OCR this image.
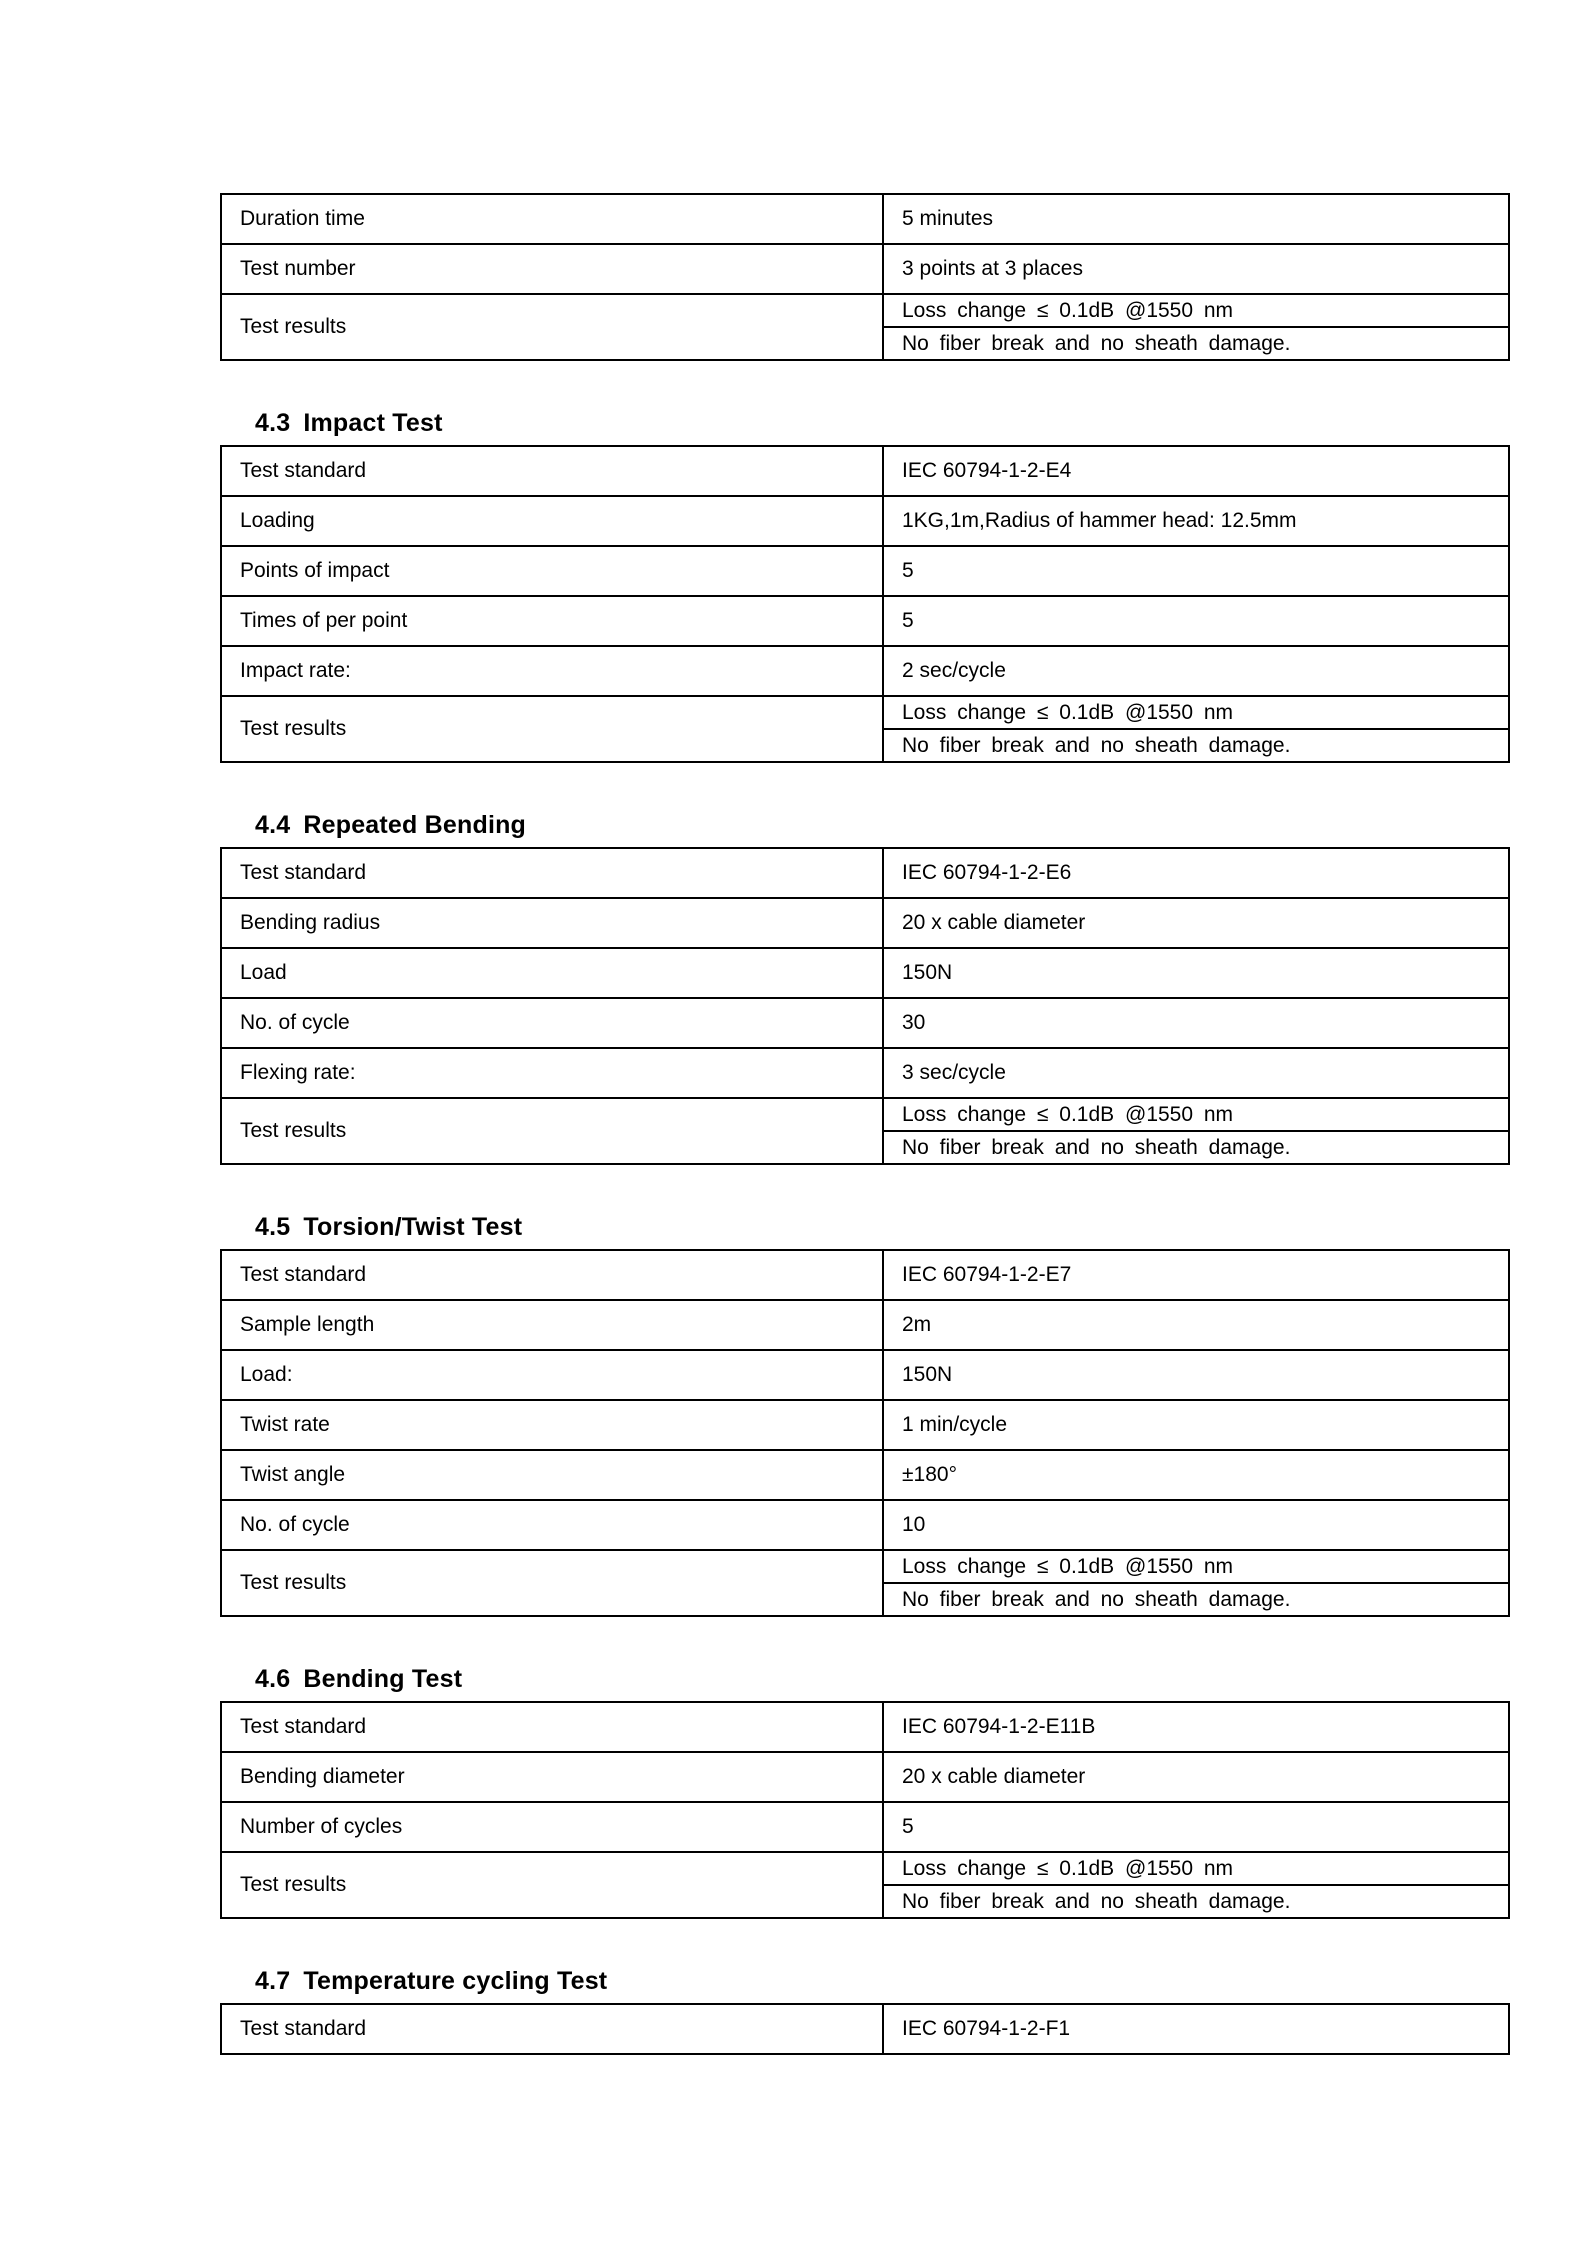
Duration time	5 minutes
Test number	3 points at 3 places
Test results	Loss change ≤ 0.1dB @1550 nm
	No fiber break and no sheath damage.
4.3 Impact Test
Test standard	IEC 60794-1-2-E4
Loading	1KG,1m,Radius of hammer head: 12.5mm
Points of impact	5
Times of per point	5
Impact rate:	2 sec/cycle
Test results	Loss change ≤ 0.1dB @1550 nm
	No fiber break and no sheath damage.
4.4 Repeated Bending
Test standard	IEC 60794-1-2-E6
Bending radius	20 x cable diameter
Load	150N
No. of cycle	30
Flexing rate:	3 sec/cycle
Test results	Loss change ≤ 0.1dB @1550 nm
	No fiber break and no sheath damage.
4.5 Torsion/Twist Test
Test standard	IEC 60794-1-2-E7
Sample length	2m
Load:	150N
Twist rate	1 min/cycle
Twist angle	±180°
No. of cycle	10
Test results	Loss change ≤ 0.1dB @1550 nm
	No fiber break and no sheath damage.
4.6 Bending Test
Test standard	IEC 60794-1-2-E11B
Bending diameter	20 x cable diameter
Number of cycles	5
Test results	Loss change ≤ 0.1dB @1550 nm
	No fiber break and no sheath damage.
4.7 Temperature cycling Test
Test standard	IEC 60794-1-2-F1
